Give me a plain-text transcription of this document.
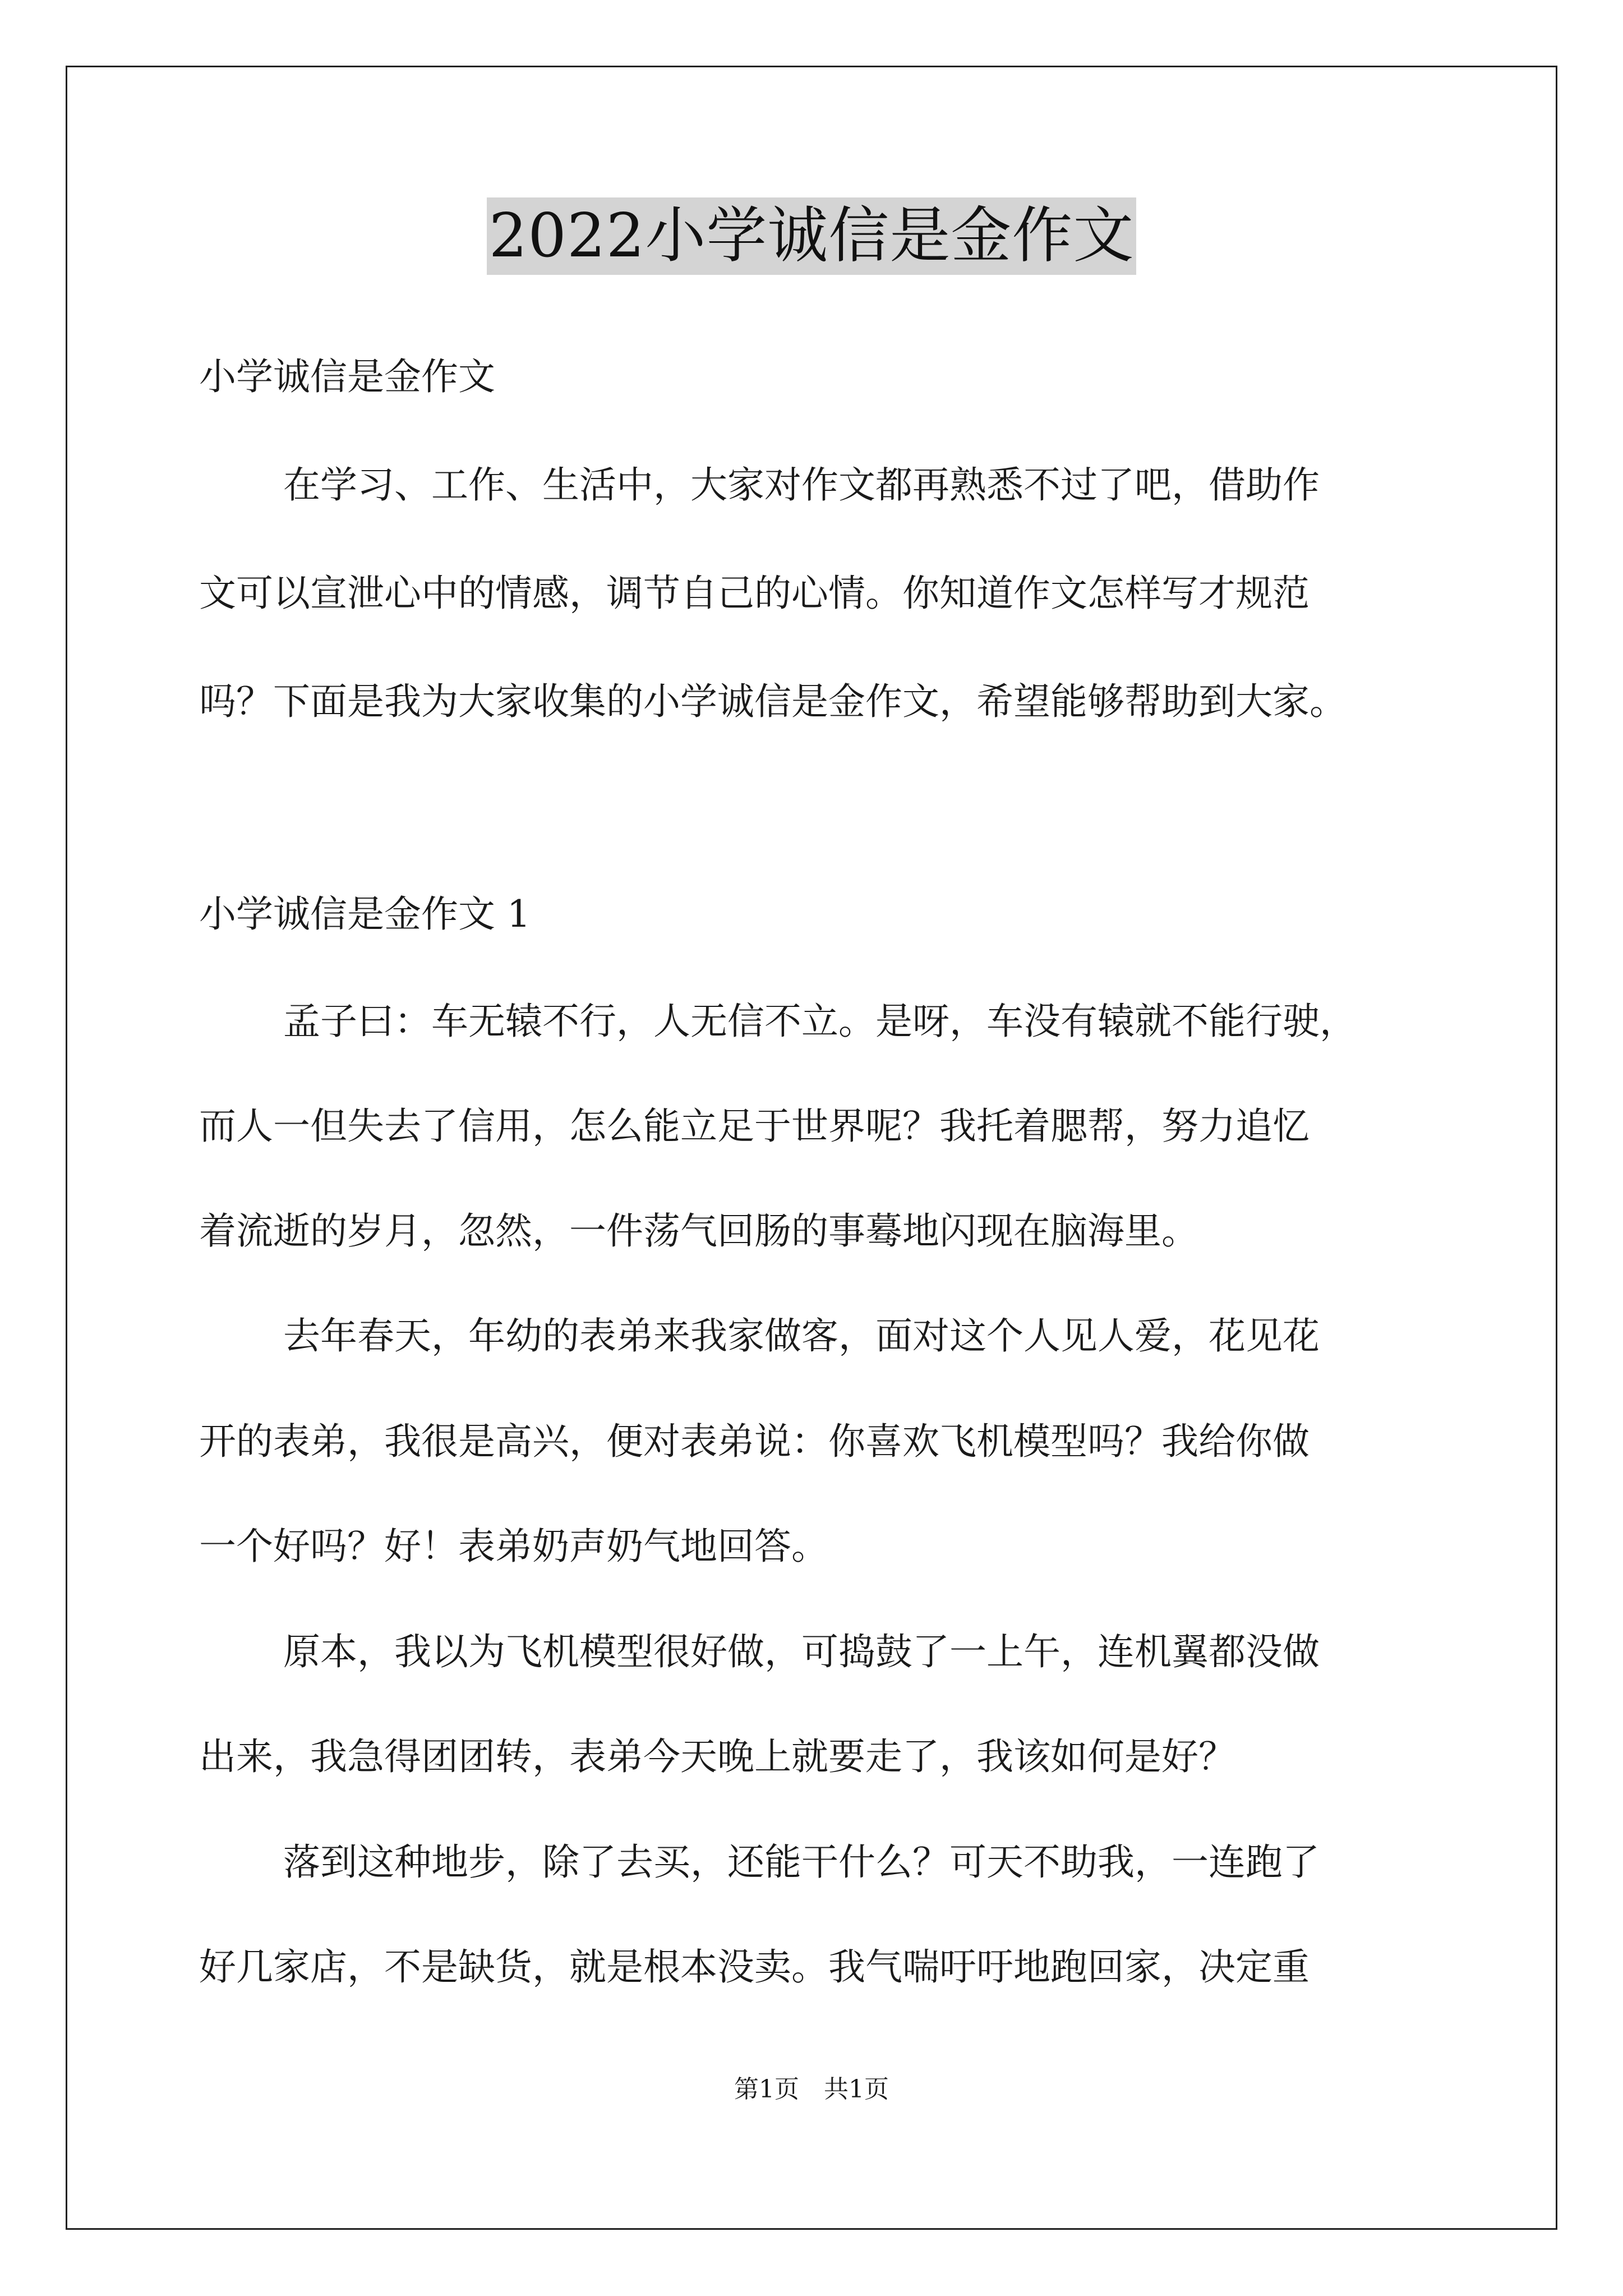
2022小学诚信是金作文
小学诚信是金作文
在学习、工作、生活中，大家对作文都再熟悉不过了吧，借助作
文可以宣泄心中的情感，调节自己的心情。你知道作文怎样写才规范
吗？下面是我为大家收集的小学诚信是金作文，希望能够帮助到大家。
小学诚信是金作文 1
孟子曰：车无辕不行，人无信不立。是呀，车没有辕就不能行驶，
而人一但失去了信用，怎么能立足于世界呢？我托着腮帮，努力追忆
着流逝的岁月，忽然，一件荡气回肠的事蓦地闪现在脑海里。
去年春天，年幼的表弟来我家做客，面对这个人见人爱，花见花
开的表弟，我很是高兴，便对表弟说：你喜欢飞机模型吗？我给你做
一个好吗？好！表弟奶声奶气地回答。
原本，我以为飞机模型很好做，可捣鼓了一上午，连机翼都没做
出来，我急得团团转，表弟今天晚上就要走了，我该如何是好？
落到这种地步，除了去买，还能干什么？可天不助我，一连跑了
好几家店，不是缺货，就是根本没卖。我气喘吁吁地跑回家，决定重
第1页 共1页
